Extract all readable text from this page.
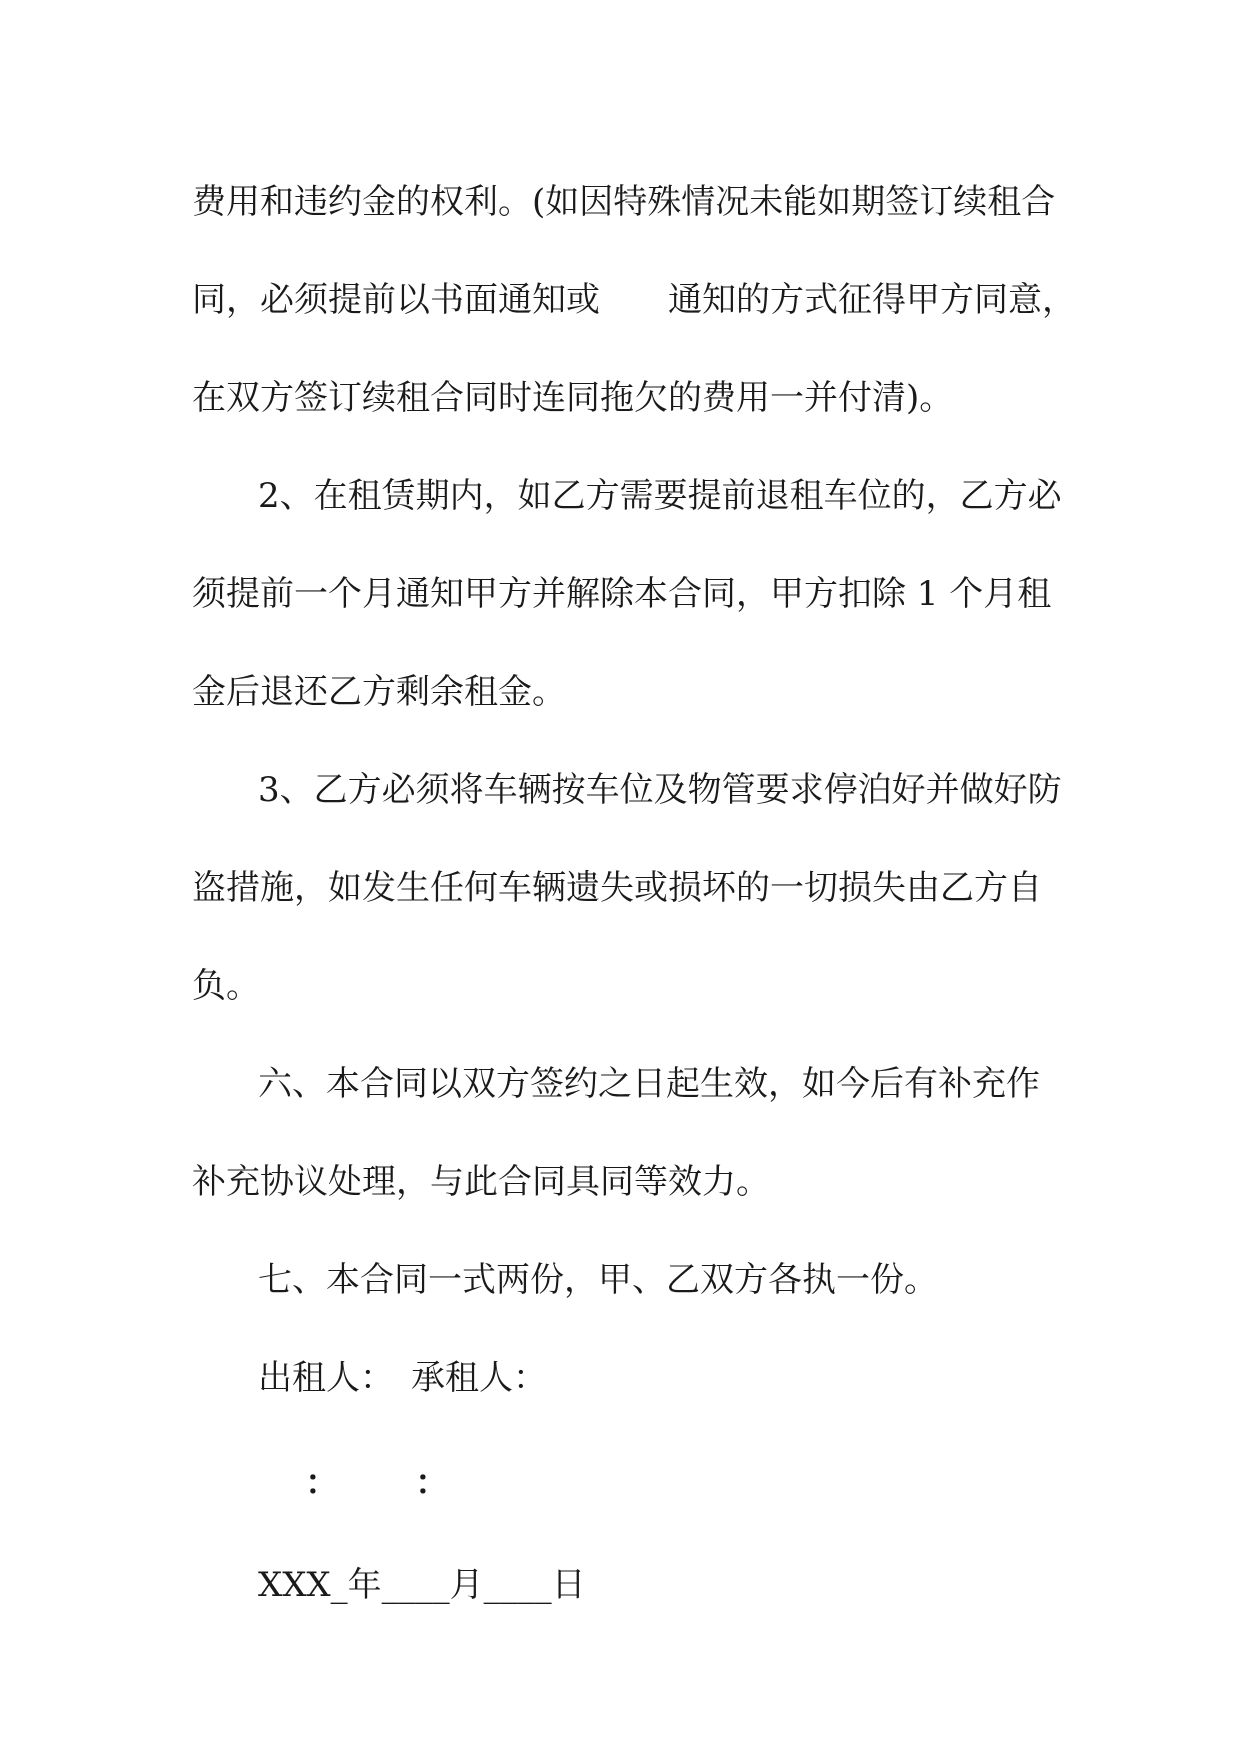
费用和违约金的权利。(如因特殊情况未能如期签订续租合
同，必须提前以书面通知或　　通知的方式征得甲方同意，
在双方签订续租合同时连同拖欠的费用一并付清)。
2、在租赁期内，如乙方需要提前退租车位的，乙方必
须提前一个月通知甲方并解除本合同，甲方扣除 1 个月租
金后退还乙方剩余租金。
3、乙方必须将车辆按车位及物管要求停泊好并做好防
盗措施，如发生任何车辆遗失或损坏的一切损失由乙方自
负。
六、本合同以双方签约之日起生效，如今后有补充作
补充协议处理，与此合同具同等效力。
七、本合同一式两份，甲、乙双方各执一份。
出租人：　承租人：
： ：
XXX_年____月____日
